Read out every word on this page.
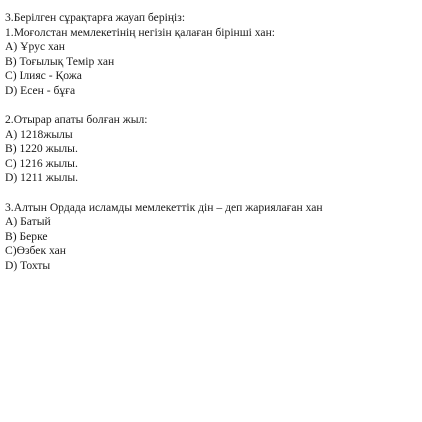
3.Берілген сұрақтарға жауап беріңіз:
1.Моғолстан мемлекетінің негізін қалаған бірінші хан:
А) Ұрус хан
В) Тоғылық Темір хан
С) Ілияс - Қожа
D) Есен - бұға
2.Отырар апаты болған жыл:
А) 1218жылы
В) 1220 жылы.
С) 1216 жылы.
D) 1211 жылы.
3.Алтын Ордада исламды мемлекеттік дін – деп жариялаған хан
А) Батый
В) Берке
С)Өзбек хан
D) Тохты
